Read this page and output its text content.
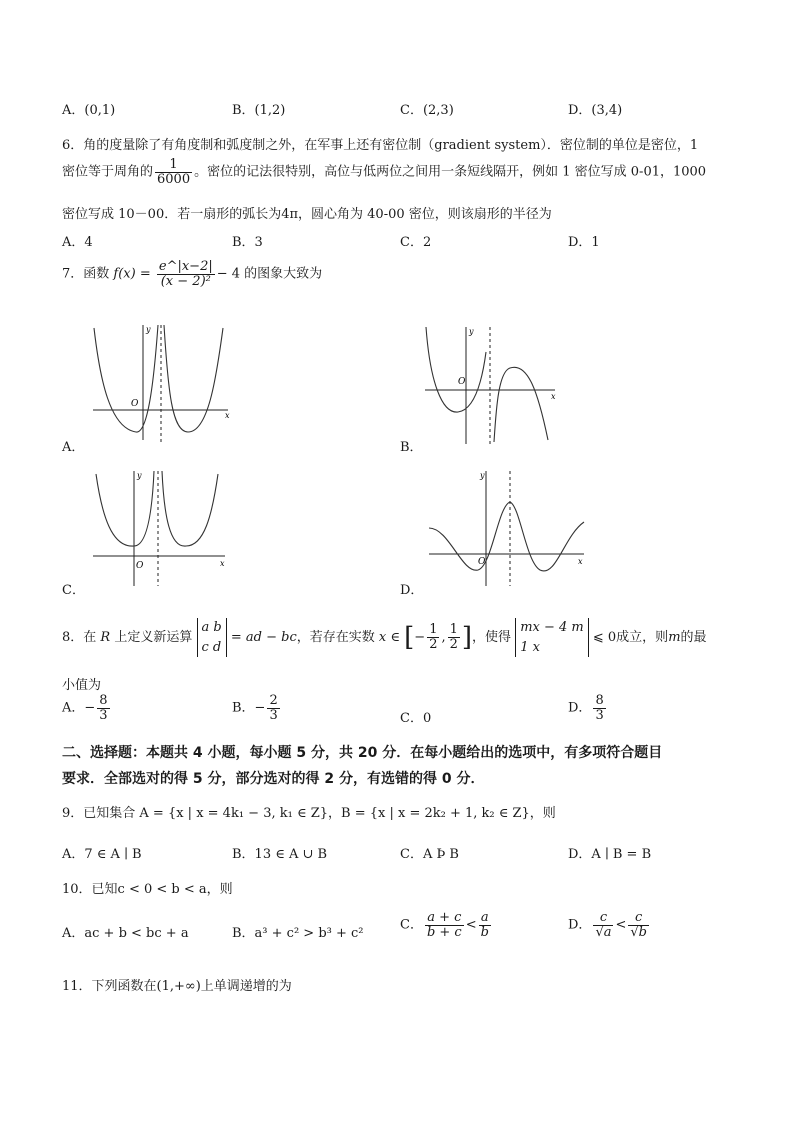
A．(0,1)	B．(1,2)	C．(2,3)	D．(3,4)
6．角的度量除了有角度制和弧度制之外，在军事上还有密位制（gradient system）．密位制的单位是密位，1
密位等于周角的 $\frac{1}{6000}$ 。密位的记法很特别，高位与低两位之间用一条短线隔开，例如 1 密位写成 0-01，1000
密位写成 10－00．若一扇形的弧长为4π，圆心角为 40-00 密位，则该扇形的半径为
A．4	B．3	C．2	D．1
7．函数 $f(x) = \frac{e\^{}|x-2|}{\text{(x − 2)²}} - 4$ 的图象大致为
O
x
y
A．
O
x
y
B．
O	x
y
C．
O	x
y
D．
8．在 R 上定义新运算
a b
c d
= ad − bc，若存在实数 x ∈ [− $\frac{1}{2}$ , $\frac{1}{2}$ ]，使得
mx − 4 m
1 x
⩽ 0成立，则m的最
小值为
A．− $\frac{8}{3}$	B．− $\frac{2}{3}$	C．0
D． $\frac{8}{3}$
二、选择题：本题共 4 小题，每小题 5 分，共 20 分．在每小题给出的选项中，有多项符合题目
要求．全部选对的得 5 分，部分选对的得 2 分，有选错的得 0 分．
9．已知集合 A = {x | x = 4k₁ − 3, k₁ ∈ Z}，B = {x | x = 2k₂ + 1, k₂ ∈ Z}，则
A．7 ∈ A ∣ B	B．13 ∈ A ∪ B	C．A Þ B	D．A ∣ B = B
10．已知c < 0 < b < a，则
A．ac + b < bc + a	B．a³ + c² > b³ + c²
C． $\frac{a + c}{b + c} < \frac{a}{b}$	D． $\frac{c}{√a} < \frac{c}{√b}$
11．下列函数在(1,+∞)上单调递增的为
